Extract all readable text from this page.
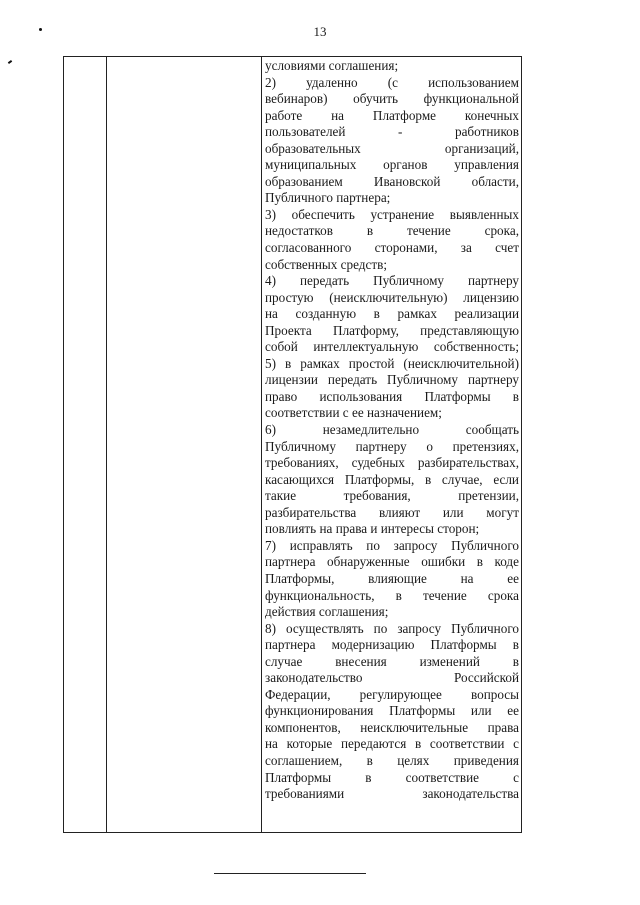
13
условиями соглашения;
2) удаленно (с использованием
вебинаров) обучить функциональной
работе на Платформе конечных
пользователей - работников
образовательных организаций,
муниципальных органов управления
образованием Ивановской области,
Публичного партнера;
3) обеспечить устранение выявленных
недостатков в течение срока,
согласованного сторонами, за счет
собственных средств;
4) передать Публичному партнеру
простую (неисключительную) лицензию
на созданную в рамках реализации
Проекта Платформу, представляющую
собой интеллектуальную собственность;
5) в рамках простой (неисключительной)
лицензии передать Публичному партнеру
право использования Платформы в
соответствии с ее назначением;
6) незамедлительно сообщать
Публичному партнеру о претензиях,
требованиях, судебных разбирательствах,
касающихся Платформы, в случае, если
такие требования, претензии,
разбирательства влияют или могут
повлиять на права и интересы сторон;
7) исправлять по запросу Публичного
партнера обнаруженные ошибки в коде
Платформы, влияющие на ее
функциональность, в течение срока
действия соглашения;
8) осуществлять по запросу Публичного
партнера модернизацию Платформы в
случае внесения изменений в
законодательство Российской
Федерации, регулирующее вопросы
функционирования Платформы или ее
компонентов, неисключительные права
на которые передаются в соответствии с
соглашением, в целях приведения
Платформы в соответствие с
требованиями законодательства
